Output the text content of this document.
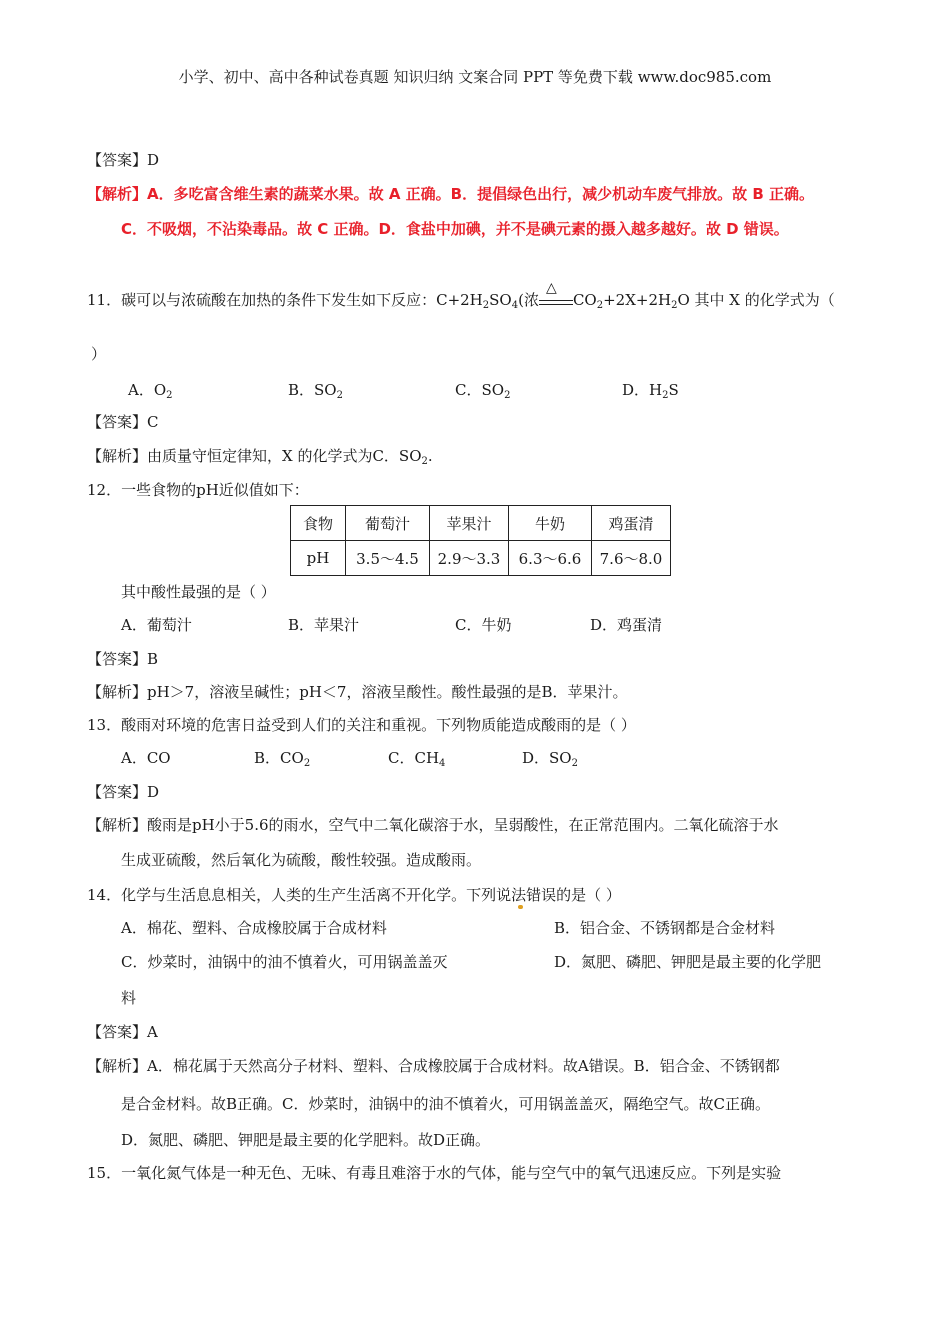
小学、初中、高中各种试卷真题 知识归纳 文案合同 PPT 等免费下载 www.doc985.com
【答案】D
【解析】A．多吃富含维生素的蔬菜水果。故 A 正确。B．提倡绿色出行，减少机动车废气排放。故 B 正确。
C．不吸烟，不沾染毒品。故 C 正确。D．食盐中加碘，并不是碘元素的摄入越多越好。故 D 错误。
11．碳可以与浓硫酸在加热的条件下发生如下反应：$C+2H_2SO_4$(浓
△
$CO_2+2X+2H_2O$ 其中 X 的化学式为（
）
A．$O_2$	B．$SO_2$	C．$SO_2$	D．$H_2S$
【答案】C
【解析】由质量守恒定律知，X 的化学式为C．$SO_2$.
12．一些食物的pH近似值如下：
食物	葡萄汁	苹果汁	牛奶	鸡蛋清
pH	3.5～4.5	2.9～3.3	6.3～6.6	7.6～8.0
其中酸性最强的是（ ）
A．葡萄汁	B．苹果汁	C．牛奶	D．鸡蛋清
【答案】B
【解析】pH＞7，溶液呈碱性；pH＜7，溶液呈酸性。酸性最强的是B．苹果汁。
13．酸雨对环境的危害日益受到人们的关注和重视。下列物质能造成酸雨的是（ ）
A．CO	B．$CO_2$	C．$CH_4$	D．$SO_2$
【答案】D
【解析】酸雨是pH小于5.6的雨水，空气中二氧化碳溶于水，呈弱酸性，在正常范围内。二氧化硫溶于水
生成亚硫酸，然后氧化为硫酸，酸性较强。造成酸雨。
14．化学与生活息息相关，人类的生产生活离不开化学。下列说法错误的是（ ）
A．棉花、塑料、合成橡胶属于合成材料	B．铝合金、不锈钢都是合金材料
C．炒菜时，油锅中的油不慎着火，可用锅盖盖灭	D．氮肥、磷肥、钾肥是最主要的化学肥
料
【答案】A
【解析】A．棉花属于天然高分子材料、塑料、合成橡胶属于合成材料。故A错误。B．铝合金、不锈钢都
是合金材料。故B正确。C．炒菜时，油锅中的油不慎着火，可用锅盖盖灭，隔绝空气。故C正确。
D．氮肥、磷肥、钾肥是最主要的化学肥料。故D正确。
15．一氧化氮气体是一种无色、无味、有毒且难溶于水的气体，能与空气中的氧气迅速反应。下列是实验
